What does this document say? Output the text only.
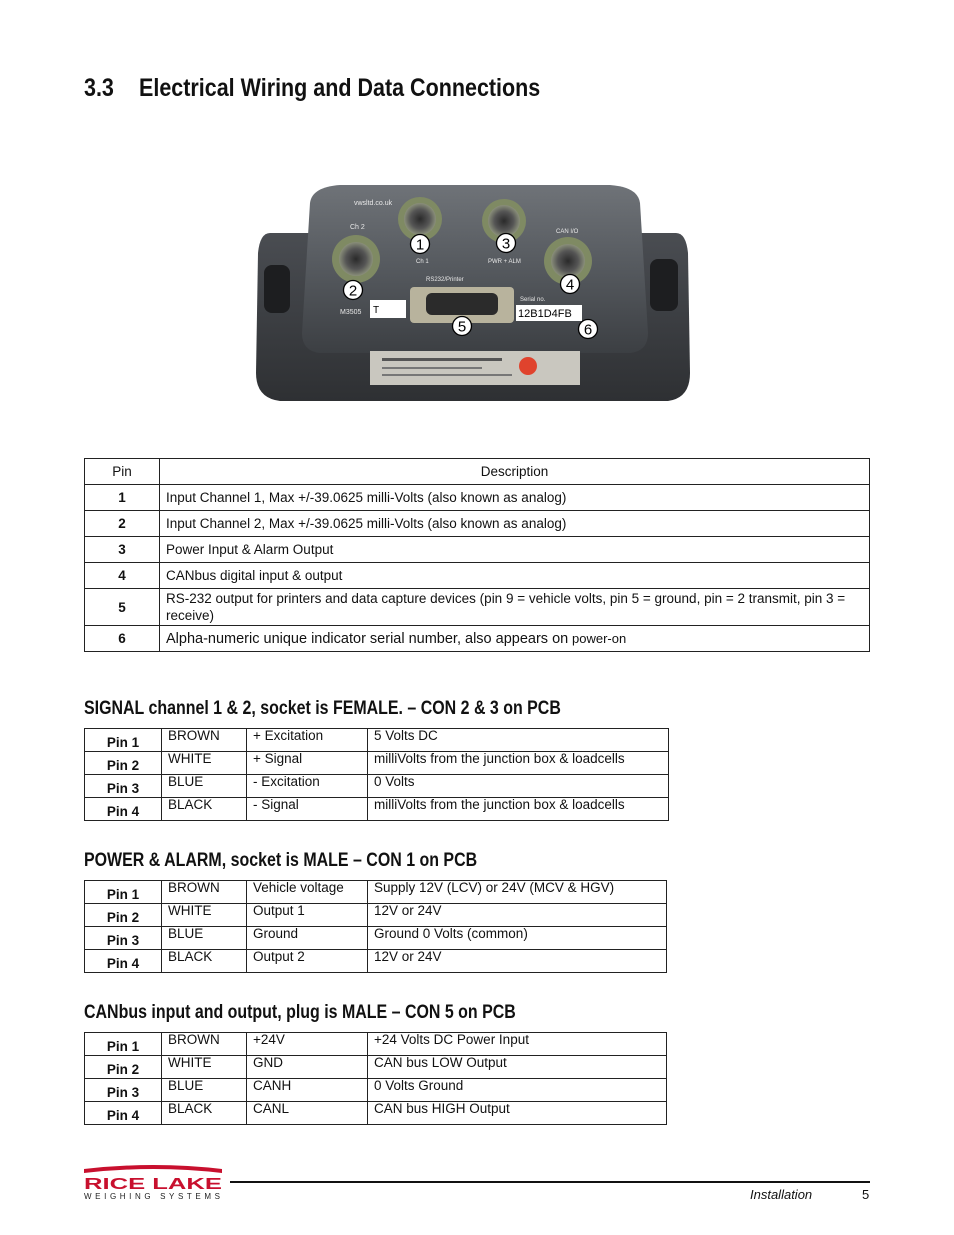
3.3 Electrical Wiring and Data Connections
vwsltd.co.uk
Ch 2
Ch 1	PWR + ALM
CAN I/O
RS232/Printer
Serial no.
M3505 T	12B1D4FB
1
2
3
4
5	6
Pin	Description
1	Input Channel 1, Max +/-39.0625 milli-Volts (also known as analog)
2	Input Channel 2, Max +/-39.0625 milli-Volts (also known as analog)
3	Power Input & Alarm Output
4	CANbus digital input & output
5	RS-232 output for printers and data capture devices (pin 9 = vehicle volts, pin 5 = ground, pin = 2 transmit, pin 3 = receive)
6	Alpha-numeric unique indicator serial number, also appears on power-on
SIGNAL channel 1 & 2, socket is FEMALE. – CON 2 & 3 on PCB
Pin 1	BROWN	+ Excitation	5 Volts DC
Pin 2	WHITE	+ Signal	milliVolts from the junction box & loadcells
Pin 3	BLUE	- Excitation	0 Volts
Pin 4	BLACK	- Signal	milliVolts from the junction box & loadcells
POWER & ALARM, socket is MALE – CON 1 on PCB
Pin 1	BROWN	Vehicle voltage	Supply 12V (LCV) or 24V (MCV & HGV)
Pin 2	WHITE	Output 1	12V or 24V
Pin 3	BLUE	Ground	Ground 0 Volts (common)
Pin 4	BLACK	Output 2	12V or 24V
CANbus input and output, plug is MALE – CON 5 on PCB
Pin 1	BROWN	+24V	+24 Volts DC Power Input
Pin 2	WHITE	GND	CAN bus LOW Output
Pin 3	BLUE	CANH	0 Volts Ground
Pin 4	BLACK	CANL	CAN bus HIGH Output
RICE LAKE
WEIGHING SYSTEMS	Installation	5
